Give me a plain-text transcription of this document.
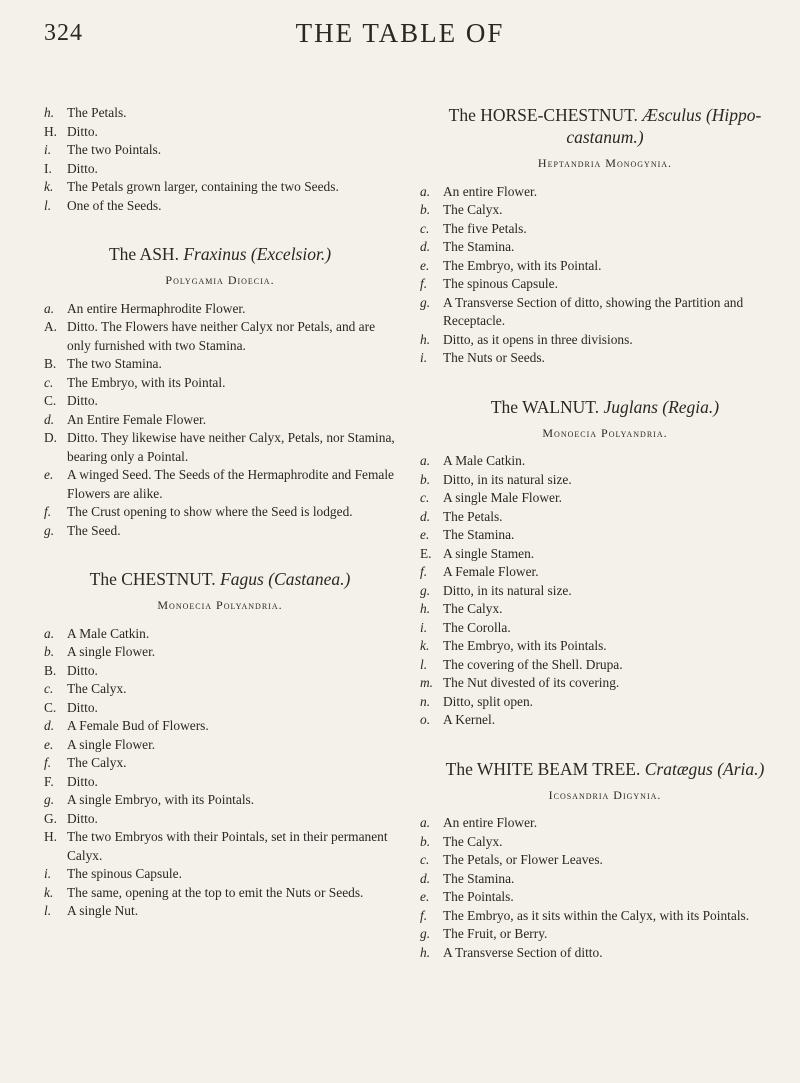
324	THE TABLE OF
h. The Petals.
H. Ditto.
i. The two Pointals.
I. Ditto.
k. The Petals grown larger, containing the two Seeds.
l. One of the Seeds.
The ASH. Fraxinus (Excelsior.)
Polygamia Dioecia.
a. An entire Hermaphrodite Flower.
A. Ditto. The Flowers have neither Calyx nor Petals, and are only furnished with two Stamina.
B. The two Stamina.
c. The Embryo, with its Pointal.
C. Ditto.
d. An Entire Female Flower.
D. Ditto. They likewise have neither Calyx, Petals, nor Stamina, bearing only a Pointal.
e. A winged Seed. The Seeds of the Hermaphrodite and Female Flowers are alike.
f. The Crust opening to show where the Seed is lodged.
g. The Seed.
The CHESTNUT. Fagus (Castanea.)
Monoecia Polyandria.
a. A Male Catkin.
b. A single Flower.
B. Ditto.
c. The Calyx.
C. Ditto.
d. A Female Bud of Flowers.
e. A single Flower.
f. The Calyx.
F. Ditto.
g. A single Embryo, with its Pointals.
G. Ditto.
H. The two Embryos with their Pointals, set in their permanent Calyx.
i. The spinous Capsule.
k. The same, opening at the top to emit the Nuts or Seeds.
l. A single Nut.
The HORSE-CHESTNUT. Æsculus (Hippo-castanum.)
Heptandria Monogynia.
a. An entire Flower.
b. The Calyx.
c. The five Petals.
d. The Stamina.
e. The Embryo, with its Pointal.
f. The spinous Capsule.
g. A Transverse Section of ditto, showing the Partition and Receptacle.
h. Ditto, as it opens in three divisions.
i. The Nuts or Seeds.
The WALNUT. Juglans (Regia.)
Monoecia Polyandria.
a. A Male Catkin.
b. Ditto, in its natural size.
c. A single Male Flower.
d. The Petals.
e. The Stamina.
E. A single Stamen.
f. A Female Flower.
g. Ditto, in its natural size.
h. The Calyx.
i. The Corolla.
k. The Embryo, with its Pointals.
l. The covering of the Shell. Drupa.
m. The Nut divested of its covering.
n. Ditto, split open.
o. A Kernel.
The WHITE BEAM TREE. Cratægus (Aria.)
Icosandria Digynia.
a. An entire Flower.
b. The Calyx.
c. The Petals, or Flower Leaves.
d. The Stamina.
e. The Pointals.
f. The Embryo, as it sits within the Calyx, with its Pointals.
g. The Fruit, or Berry.
h. A Transverse Section of ditto.
